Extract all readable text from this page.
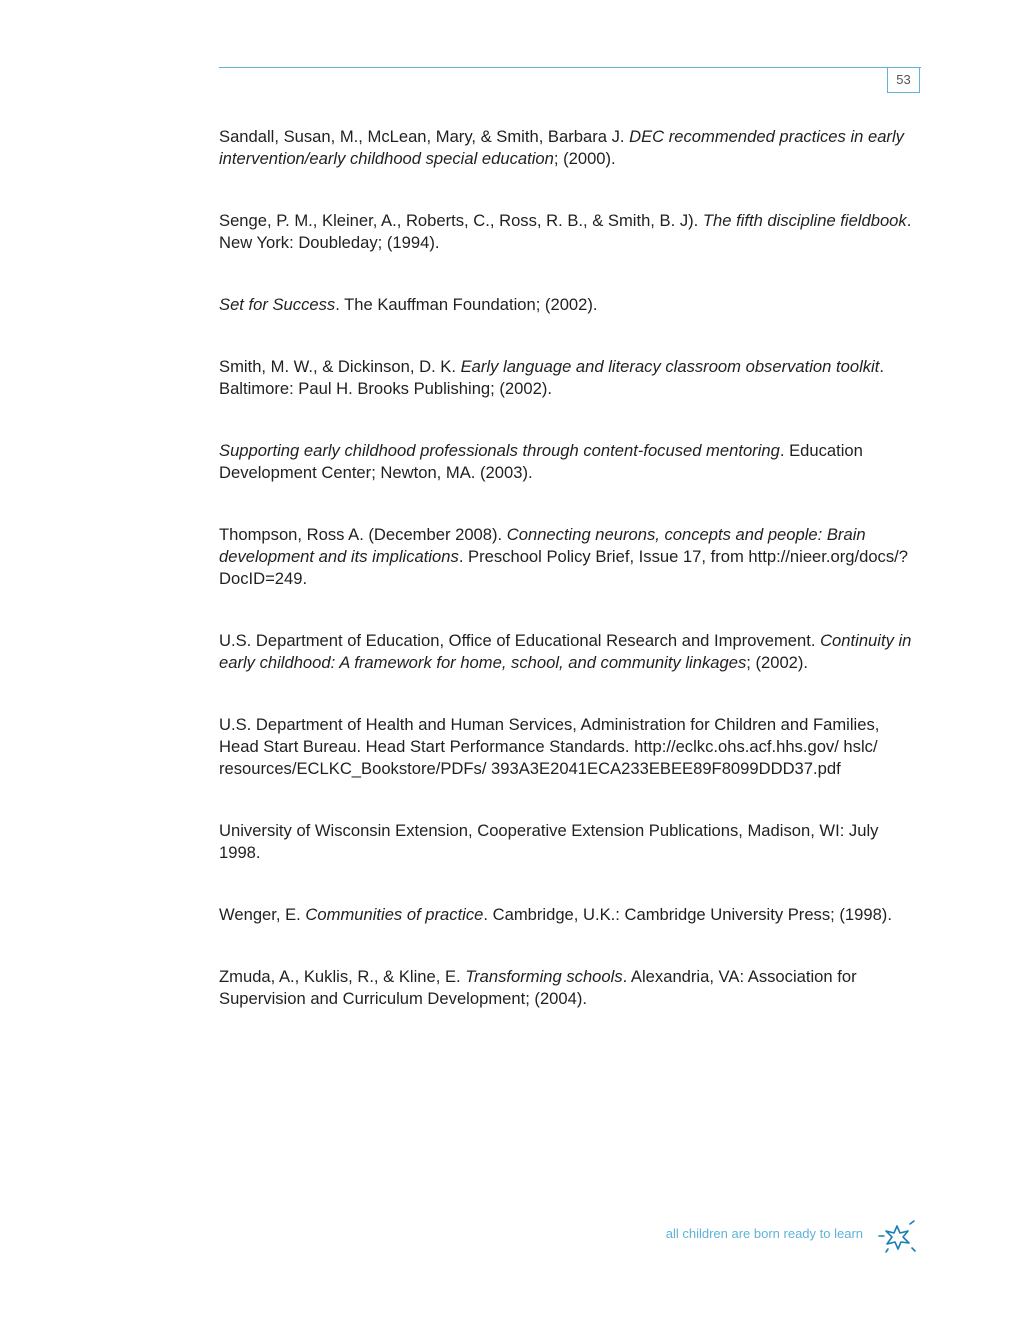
53
Sandall, Susan, M., McLean, Mary, & Smith, Barbara J. DEC recommended practices in early intervention/early childhood special education; (2000).
Senge, P. M., Kleiner, A., Roberts, C., Ross, R. B., & Smith, B. J). The fifth discipline fieldbook. New York: Doubleday; (1994).
Set for Success. The Kauffman Foundation; (2002).
Smith, M. W., & Dickinson, D. K. Early language and literacy classroom observation toolkit. Baltimore: Paul H. Brooks Publishing; (2002).
Supporting early childhood professionals through content-focused mentoring. Education Development Center; Newton, MA. (2003).
Thompson, Ross A. (December 2008). Connecting neurons, concepts and people: Brain development and its implications. Preschool Policy Brief, Issue 17, from http://nieer.org/docs/?DocID=249.
U.S. Department of Education, Office of Educational Research and Improvement. Continuity in early childhood: A framework for home, school, and community linkages; (2002).
U.S. Department of Health and Human Services, Administration for Children and Families, Head Start Bureau. Head Start Performance Standards. http://eclkc.ohs.acf.hhs.gov/ hslc/ resources/ECLKC_Bookstore/PDFs/ 393A3E2041ECA233EBEE89F8099DDD37.pdf
University of Wisconsin Extension, Cooperative Extension Publications, Madison, WI: July 1998.
Wenger, E. Communities of practice. Cambridge, U.K.: Cambridge University Press; (1998).
Zmuda, A., Kuklis, R., & Kline, E. Transforming schools. Alexandria, VA: Association for Supervision and Curriculum Development; (2004).
all children are born ready to learn
